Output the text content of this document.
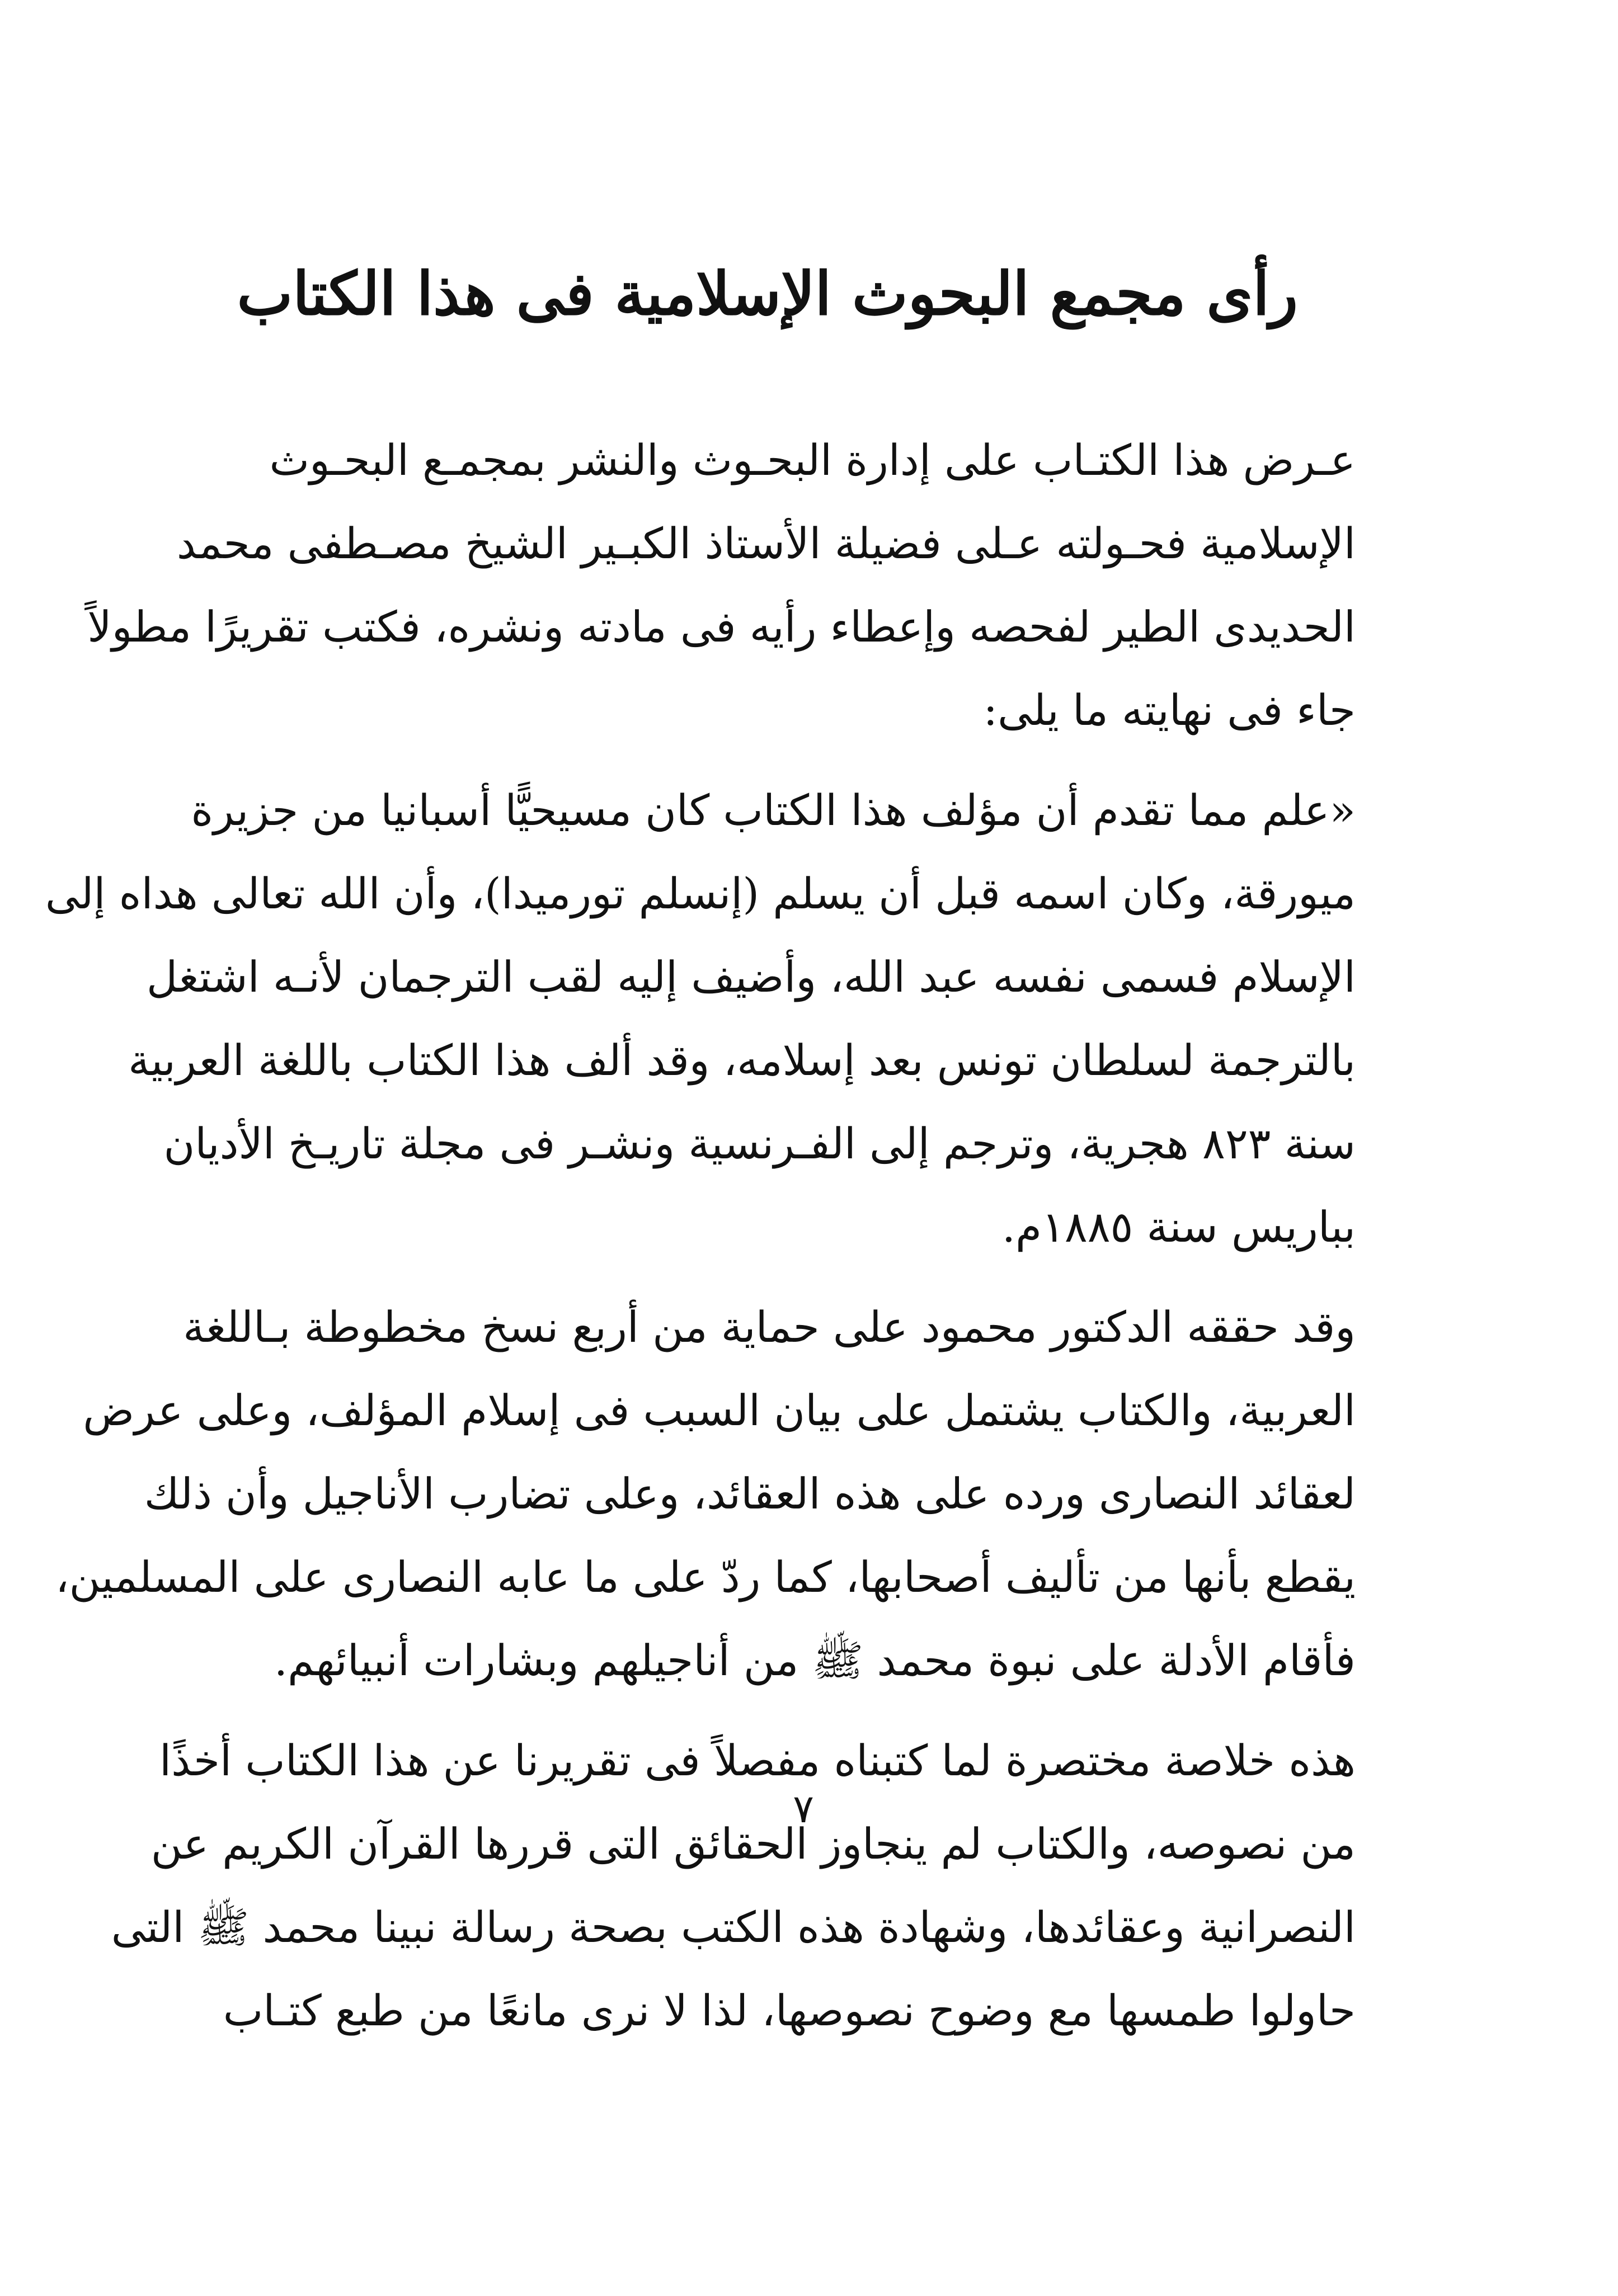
رأى مجمع البحوث الإسلامية فى هذا الكتاب
عـرض هذا الكتـاب على إدارة البحـوث والنشر بمجمـع البحـوث
الإسلامية فحـولته عـلى فضيلة الأستاذ الكبـير الشيخ مصـطفى محمد
الحديدى الطير لفحصه وإعطاء رأيه فى مادته ونشره، فكتب تقريرًا مطولاً
جاء فى نهايته ما يلى:
«علم مما تقدم أن مؤلف هذا الكتاب كان مسيحيًّا أسبانيا من جزيرة
ميورقة، وكان اسمه قبل أن يسلم (إنسلم تورميدا)، وأن الله تعالى هداه إلى
الإسلام فسمى نفسه عبد الله، وأضيف إليه لقب الترجمان لأنـه اشتغل
بالترجمة لسلطان تونس بعد إسلامه، وقد ألف هذا الكتاب باللغة العربية
سنة ٨٢٣ هجرية، وترجم إلى الفـرنسية ونشـر فى مجلة تاريـخ الأديان
بباريس سنة ١٨٨٥م.
وقد حققه الدكتور محمود على حماية من أربع نسخ مخطوطة بـاللغة
العربية، والكتاب يشتمل على بيان السبب فى إسلام المؤلف، وعلى عرض
لعقائد النصارى ورده على هذه العقائد، وعلى تضارب الأناجيل وأن ذلك
يقطع بأنها من تأليف أصحابها، كما ردّ على ما عابه النصارى على المسلمين،
فأقام الأدلة على نبوة محمد ﷺ من أناجيلهم وبشارات أنبيائهم.
هذه خلاصة مختصرة لما كتبناه مفصلاً فى تقريرنا عن هذا الكتاب أخذًا
من نصوصه، والكتاب لم ينجاوز الحقائق التى قررها القرآن الكريم عن
النصرانية وعقائدها، وشهادة هذه الكتب بصحة رسالة نبينا محمد ﷺ التى
حاولوا طمسها مع وضوح نصوصها، لذا لا نرى مانعًا من طبع كتـاب
٧
